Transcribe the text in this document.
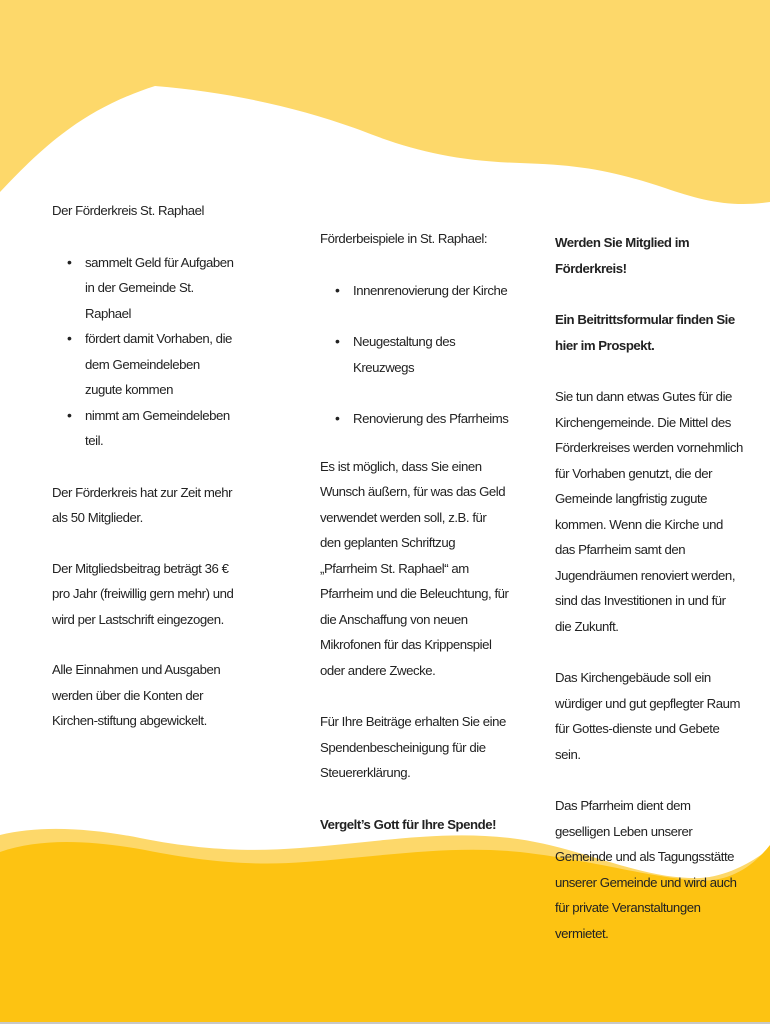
Der Förderkreis St. Raphael

• sammelt Geld für Aufgaben in der Gemeinde St. Raphael
• fördert damit Vorhaben, die dem Gemeindeleben zugute kommen
• nimmt am Gemeindeleben teil.

Der Förderkreis hat zur Zeit mehr als 50 Mitglieder.

Der Mitgliedsbeitrag beträgt 36 € pro Jahr (freiwillig gern mehr) und wird per Lastschrift eingezogen.

Alle Einnahmen und Ausgaben werden über die Konten der Kirchen-stiftung abgewickelt.

Förderbeispiele in St. Raphael:

• Innenrenovierung der Kirche
• Neugestaltung des Kreuzwegs
• Renovierung des Pfarrheims

Es ist möglich, dass Sie einen Wunsch äußern, für was das Geld verwendet werden soll, z.B. für den geplanten Schriftzug „Pfarrheim St. Raphael“ am Pfarrheim und die Beleuchtung, für die Anschaffung von neuen Mikrofonen für das Krippenspiel oder andere Zwecke.

Für Ihre Beiträge erhalten Sie eine Spendenbescheinigung für die Steuererklärung.

Vergelt’s Gott für Ihre Spende!

Werden Sie Mitglied im Förderkreis!

Ein Beitrittsformular finden Sie hier im Prospekt.

Sie tun dann etwas Gutes für die Kirchengemeinde. Die Mittel des Förderkreises werden vornehmlich für Vorhaben genutzt, die der Gemeinde langfristig zugute kommen. Wenn die Kirche und das Pfarrheim samt den Jugendräumen renoviert werden, sind das Investitionen in und für die Zukunft.

Das Kirchengebäude soll ein würdiger und gut gepflegter Raum für Gottes-dienste und Gebete sein.

Das Pfarrheim dient dem geselligen Leben unserer Gemeinde und als Tagungsstätte unserer Gemeinde und wird auch für private Veranstaltungen vermietet.
